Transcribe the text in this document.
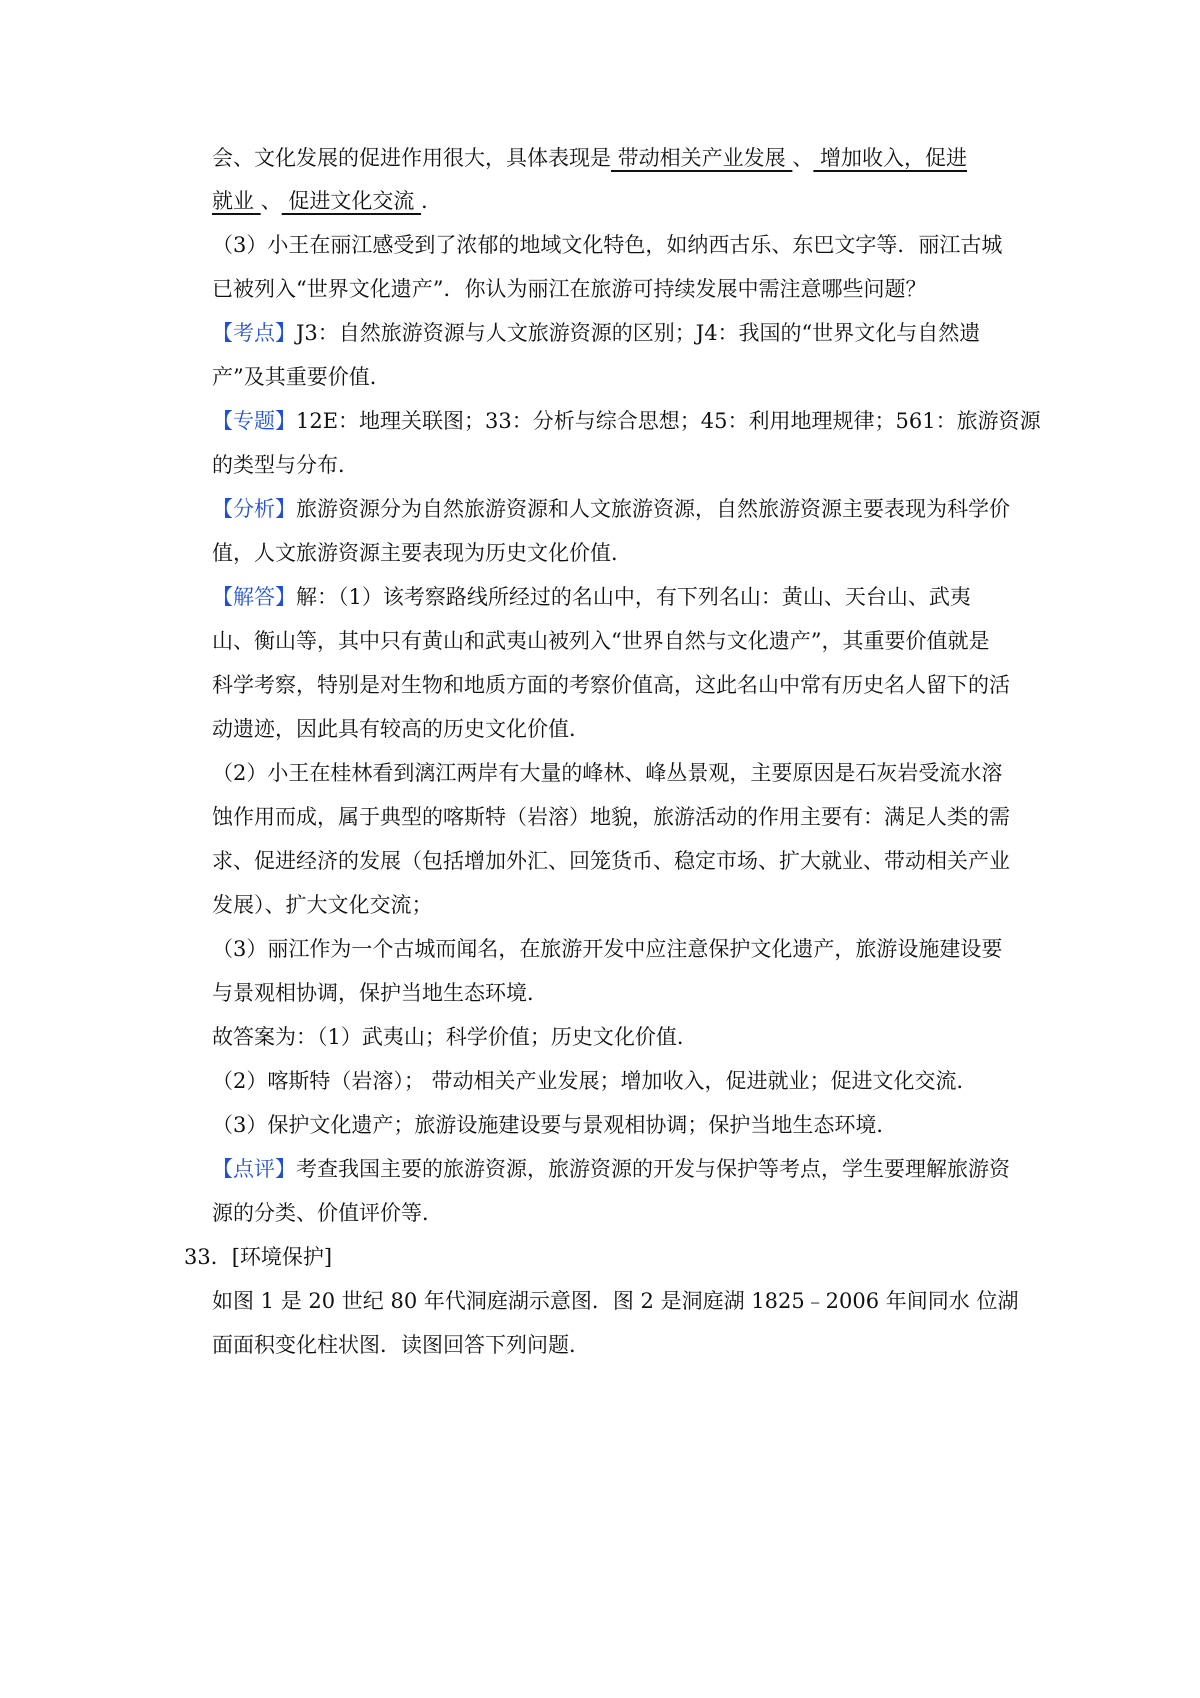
会、文化发展的促进作用很大，具体表现是 带动相关产业发展 、 增加收入，促进
就业 、 促进文化交流 .
（3）小王在丽江感受到了浓郁的地域文化特色，如纳西古乐、东巴文字等．丽江古城
已被列入“世界文化遗产”．你认为丽江在旅游可持续发展中需注意哪些问题？
【考点】J3：自然旅游资源与人文旅游资源的区别；J4：我国的“世界文化与自然遗
产”及其重要价值．
【专题】12E：地理关联图；33：分析与综合思想；45：利用地理规律；561：旅游资源
的类型与分布．
【分析】旅游资源分为自然旅游资源和人文旅游资源，自然旅游资源主要表现为科学价
值，人文旅游资源主要表现为历史文化价值．
【解答】解：（1）该考察路线所经过的名山中，有下列名山：黄山、天台山、武夷
山、衡山等，其中只有黄山和武夷山被列入“世界自然与文化遗产”，其重要价值就是
科学考察，特别是对生物和地质方面的考察价值高，这此名山中常有历史名人留下的活
动遗迹，因此具有较高的历史文化价值．
（2）小王在桂林看到漓江两岸有大量的峰林、峰丛景观，主要原因是石灰岩受流水溶
蚀作用而成，属于典型的喀斯特（岩溶）地貌，旅游活动的作用主要有：满足人类的需
求、促进经济的发展（包括增加外汇、回笼货币、稳定市场、扩大就业、带动相关产业
发展）、扩大文化交流；
（3）丽江作为一个古城而闻名，在旅游开发中应注意保护文化遗产，旅游设施建设要
与景观相协调，保护当地生态环境．
故答案为：（1）武夷山；科学价值；历史文化价值．
（2）喀斯特（岩溶）； 带动相关产业发展；增加收入，促进就业；促进文化交流．
（3）保护文化遗产；旅游设施建设要与景观相协调；保护当地生态环境．
【点评】考查我国主要的旅游资源，旅游资源的开发与保护等考点，学生要理解旅游资
源的分类、价值评价等．
33．[环境保护]
如图 1 是 20 世纪 80 年代洞庭湖示意图．图 2 是洞庭湖 1825﹣2006 年间同水 位湖
面面积变化柱状图．读图回答下列问题．
